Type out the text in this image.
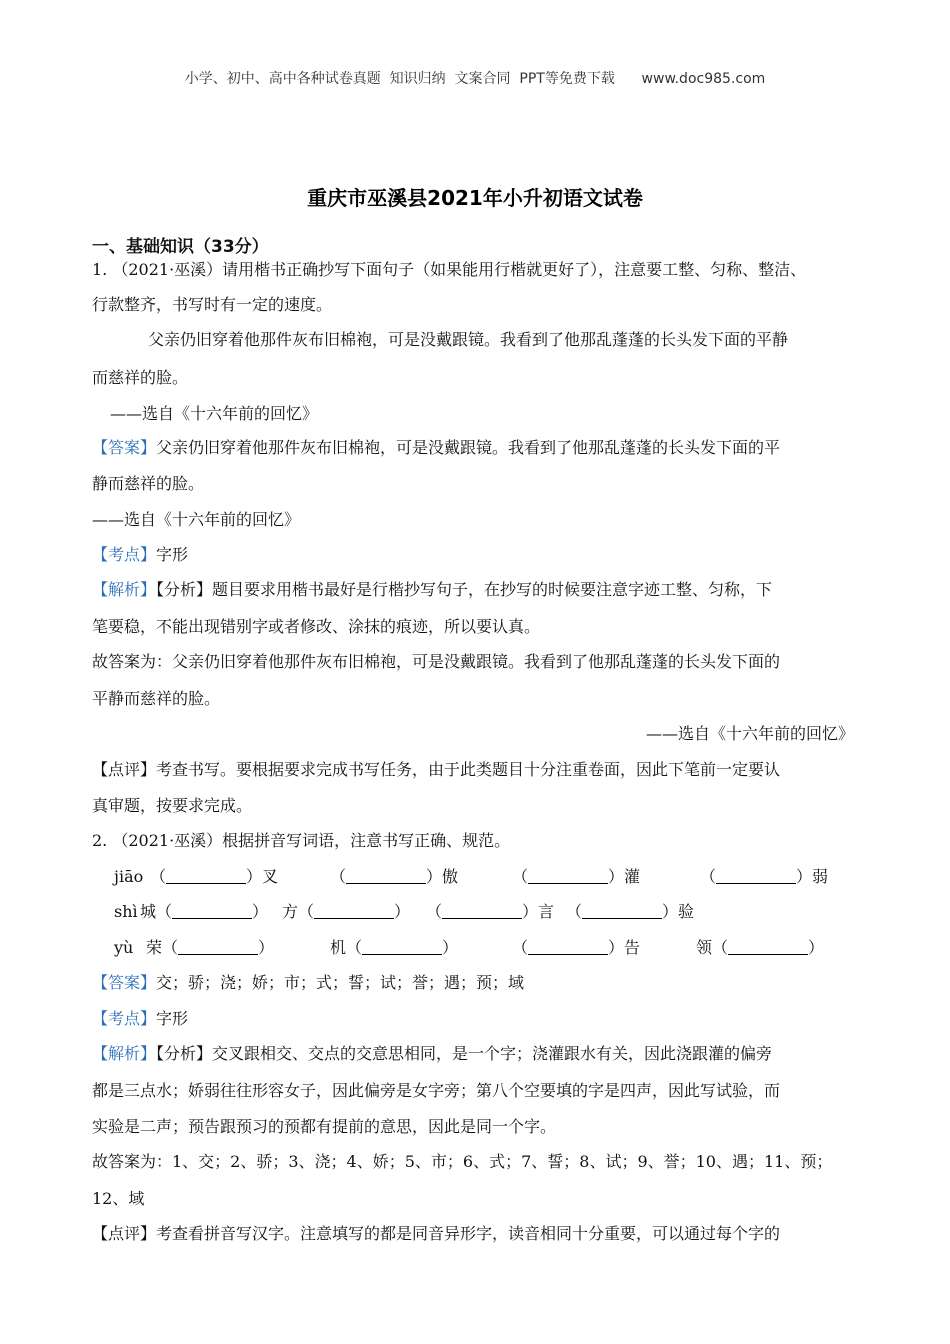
小学、初中、高中各种试卷真题  知识归纳  文案合同  PPT等免费下载      www.doc985.com
重庆市巫溪县2021年小升初语文试卷
一、基础知识（33分）
1. （2021·巫溪）请用楷书正确抄写下面句子（如果能用行楷就更好了），注意要工整、匀称、整洁、
行款整齐，书写时有一定的速度。
父亲仍旧穿着他那件灰布旧棉袍，可是没戴跟镜。我看到了他那乱蓬蓬的长头发下面的平静
而慈祥的脸。
——选自《十六年前的回忆》
【答案】父亲仍旧穿着他那件灰布旧棉袍，可是没戴跟镜。我看到了他那乱蓬蓬的长头发下面的平
静而慈祥的脸。
——选自《十六年前的回忆》
【考点】字形
【解析】【分析】题目要求用楷书最好是行楷抄写句子，在抄写的时候要注意字迹工整、匀称，下
笔要稳，不能出现错别字或者修改、涂抹的痕迹，所以要认真。
故答案为：父亲仍旧穿着他那件灰布旧棉袍，可是没戴跟镜。我看到了他那乱蓬蓬的长头发下面的
平静而慈祥的脸。
——选自《十六年前的回忆》
【点评】考查书写。要根据要求完成书写任务，由于此类题目十分注重卷面，因此下笔前一定要认
真审题，按要求完成。
2. （2021·巫溪）根据拼音写词语，注意书写正确、规范。
jiāo （	）叉	（	）傲	（	）灌	（	）弱
shì 城（	） 方（	） （	）言 （	）验
yù 荣（	）	机（	）	（	）告	领（	）
【答案】交；骄；浇；娇；市；式；誓；试；誉；遇；预；域
【考点】字形
【解析】【分析】交叉跟相交、交点的交意思相同，是一个字；浇灌跟水有关，因此浇跟灌的偏旁
都是三点水；娇弱往往形容女子，因此偏旁是女字旁；第八个空要填的字是四声，因此写试验，而
实验是二声；预告跟预习的预都有提前的意思，因此是同一个字。
故答案为：1、交；2、骄；3、浇；4、娇；5、市；6、式；7、誓；8、试；9、誉；10、遇；11、预；
12、域
【点评】考查看拼音写汉字。注意填写的都是同音异形字，读音相同十分重要，可以通过每个字的
